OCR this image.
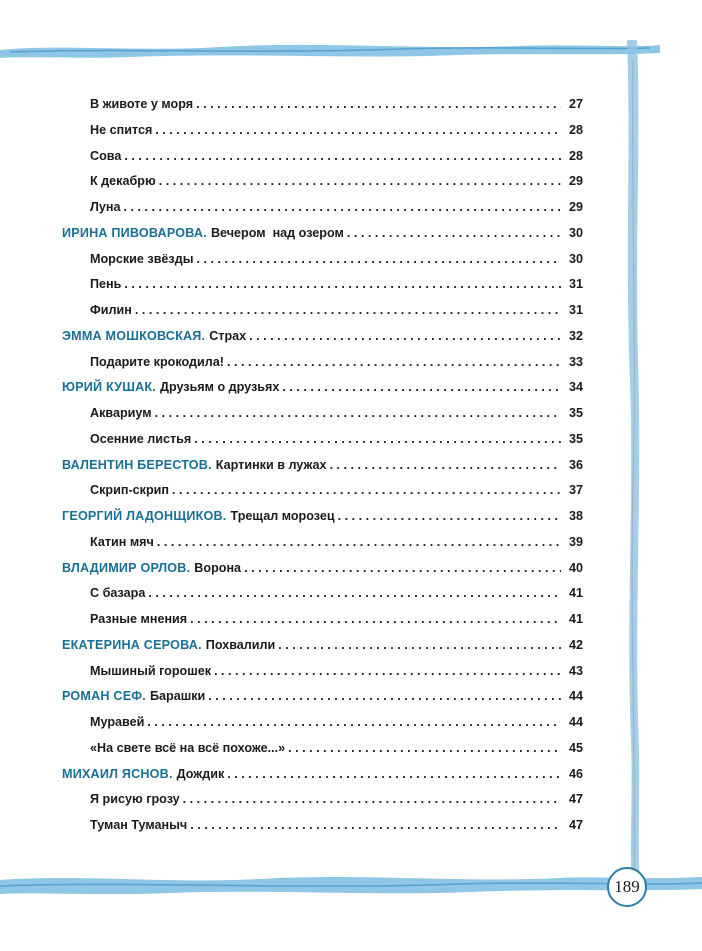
В животе у моря . . .	27
Не спится . . .	28
Сова . . .	28
К декабрю . . .	29
Луна . . .	29
ИРИНА ПИВОВАРОВА. Вечером  над озером . . .	30
Морские звёзды . . .	30
Пень . . .	31
Филин . . .	31
ЭММА МОШКОВСКАЯ. Страх . . .	32
Подарите крокодила! . . .	33
ЮРИЙ КУШАК. Друзьям о друзьях . . .	34
Аквариум . . .	35
Осенние листья . . .	35
ВАЛЕНТИН БЕРЕСТОВ. Картинки в лужах . . .	36
Скрип-скрип . . .	37
ГЕОРГИЙ ЛАДОНЩИКОВ. Трещал морозец . . .	38
Катин мяч . . .	39
ВЛАДИМИР ОРЛОВ. Ворона . . .	40
С базара . . .	41
Разные мнения . . .	41
ЕКАТЕРИНА СЕРОВА. Похвалили . . .	42
Мышиный горошек . . .	43
РОМАН СЕФ. Барашки . . .	44
Муравей . . .	44
«На свете всё на всё похоже...» . . .	45
МИХАИЛ ЯСНОВ. Дождик . . .	46
Я рисую грозу . . .	47
Туман Туманыч . . .	47
189
